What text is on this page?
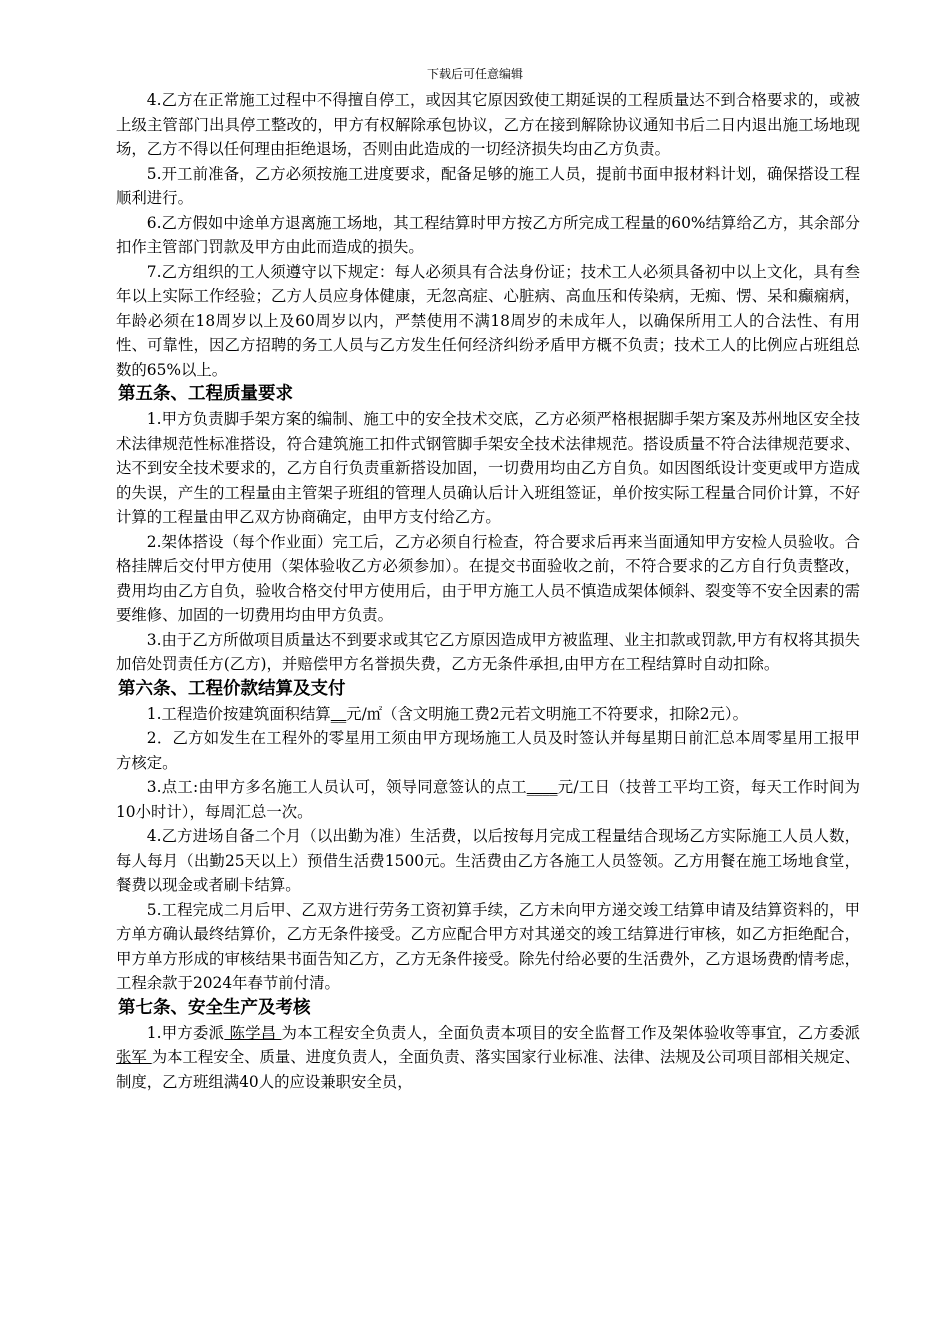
下载后可任意编辑

4.乙方在正常施工过程中不得擅自停工，或因其它原因致使工期延误的工程质量达不到合格要求的，或被上级主管部门出具停工整改的，甲方有权解除承包协议，乙方在接到解除协议通知书后二日内退出施工场地现场，乙方不得以任何理由拒绝退场，否则由此造成的一切经济损失均由乙方负责。

5.开工前准备，乙方必须按施工进度要求，配备足够的施工人员，提前书面申报材料计划，确保搭设工程顺利进行。

6.乙方假如中途单方退离施工场地，其工程结算时甲方按乙方所完成工程量的60%结算给乙方，其余部分扣作主管部门罚款及甲方由此而造成的损失。

7.乙方组织的工人须遵守以下规定：每人必须具有合法身份证；技术工人必须具备初中以上文化，具有叁年以上实际工作经验；乙方人员应身体健康，无忽高症、心脏病、高血压和传染病，无痴、愣、呆和癫痫病，年龄必须在18周岁以上及60周岁以内，严禁使用不满18周岁的未成年人，以确保所用工人的合法性、有用性、可靠性，因乙方招聘的务工人员与乙方发生任何经济纠纷矛盾甲方概不负责；技术工人的比例应占班组总数的65%以上。

第五条、工程质量要求

1.甲方负责脚手架方案的编制、施工中的安全技术交底，乙方必须严格根据脚手架方案及苏州地区安全技术法律规范性标准搭设，符合建筑施工扣件式钢管脚手架安全技术法律规范。搭设质量不符合法律规范要求、达不到安全技术要求的，乙方自行负责重新搭设加固，一切费用均由乙方自负。如因图纸设计变更或甲方造成的失误，产生的工程量由主管架子班组的管理人员确认后计入班组签证，单价按实际工程量合同价计算，不好计算的工程量由甲乙双方协商确定，由甲方支付给乙方。

2.架体搭设（每个作业面）完工后，乙方必须自行检查，符合要求后再来当面通知甲方安检人员验收。合格挂牌后交付甲方使用（架体验收乙方必须参加）。在提交书面验收之前，不符合要求的乙方自行负责整改，费用均由乙方自负，验收合格交付甲方使用后，由于甲方施工人员不慎造成架体倾斜、裂变等不安全因素的需要维修、加固的一切费用均由甲方负责。

3.由于乙方所做项目质量达不到要求或其它乙方原因造成甲方被监理、业主扣款或罚款,甲方有权将其损失加倍处罚责任方(乙方)，并赔偿甲方名誉损失费，乙方无条件承担,由甲方在工程结算时自动扣除。

第六条、工程价款结算及支付

1.工程造价按建筑面积结算__元/㎡（含文明施工费2元若文明施工不符要求，扣除2元）。

2．乙方如发生在工程外的零星用工须由甲方现场施工人员及时签认并每星期日前汇总本周零星用工报甲方核定。

3.点工:由甲方多名施工人员认可，领导同意签认的点工____元/工日（技普工平均工资，每天工作时间为10小时计），每周汇总一次。

4.乙方进场自备二个月（以出勤为准）生活费，以后按每月完成工程量结合现场乙方实际施工人员人数，每人每月（出勤25天以上）预借生活费1500元。生活费由乙方各施工人员签领。乙方用餐在施工场地食堂，餐费以现金或者刷卡结算。

5.工程完成二月后甲、乙双方进行劳务工资初算手续，乙方未向甲方递交竣工结算申请及结算资料的，甲方单方确认最终结算价，乙方无条件接受。乙方应配合甲方对其递交的竣工结算进行审核，如乙方拒绝配合，甲方单方形成的审核结果书面告知乙方，乙方无条件接受。除先付给必要的生活费外，乙方退场费酌情考虑，工程余款于2024年春节前付清。

第七条、安全生产及考核

1.甲方委派 陈学昌 为本工程安全负责人，全面负责本项目的安全监督工作及架体验收等事宜，乙方委派 张军 为本工程安全、质量、进度负责人，全面负责、落实国家行业标准、法律、法规及公司项目部相关规定、制度，乙方班组满40人的应设兼职安全员，
